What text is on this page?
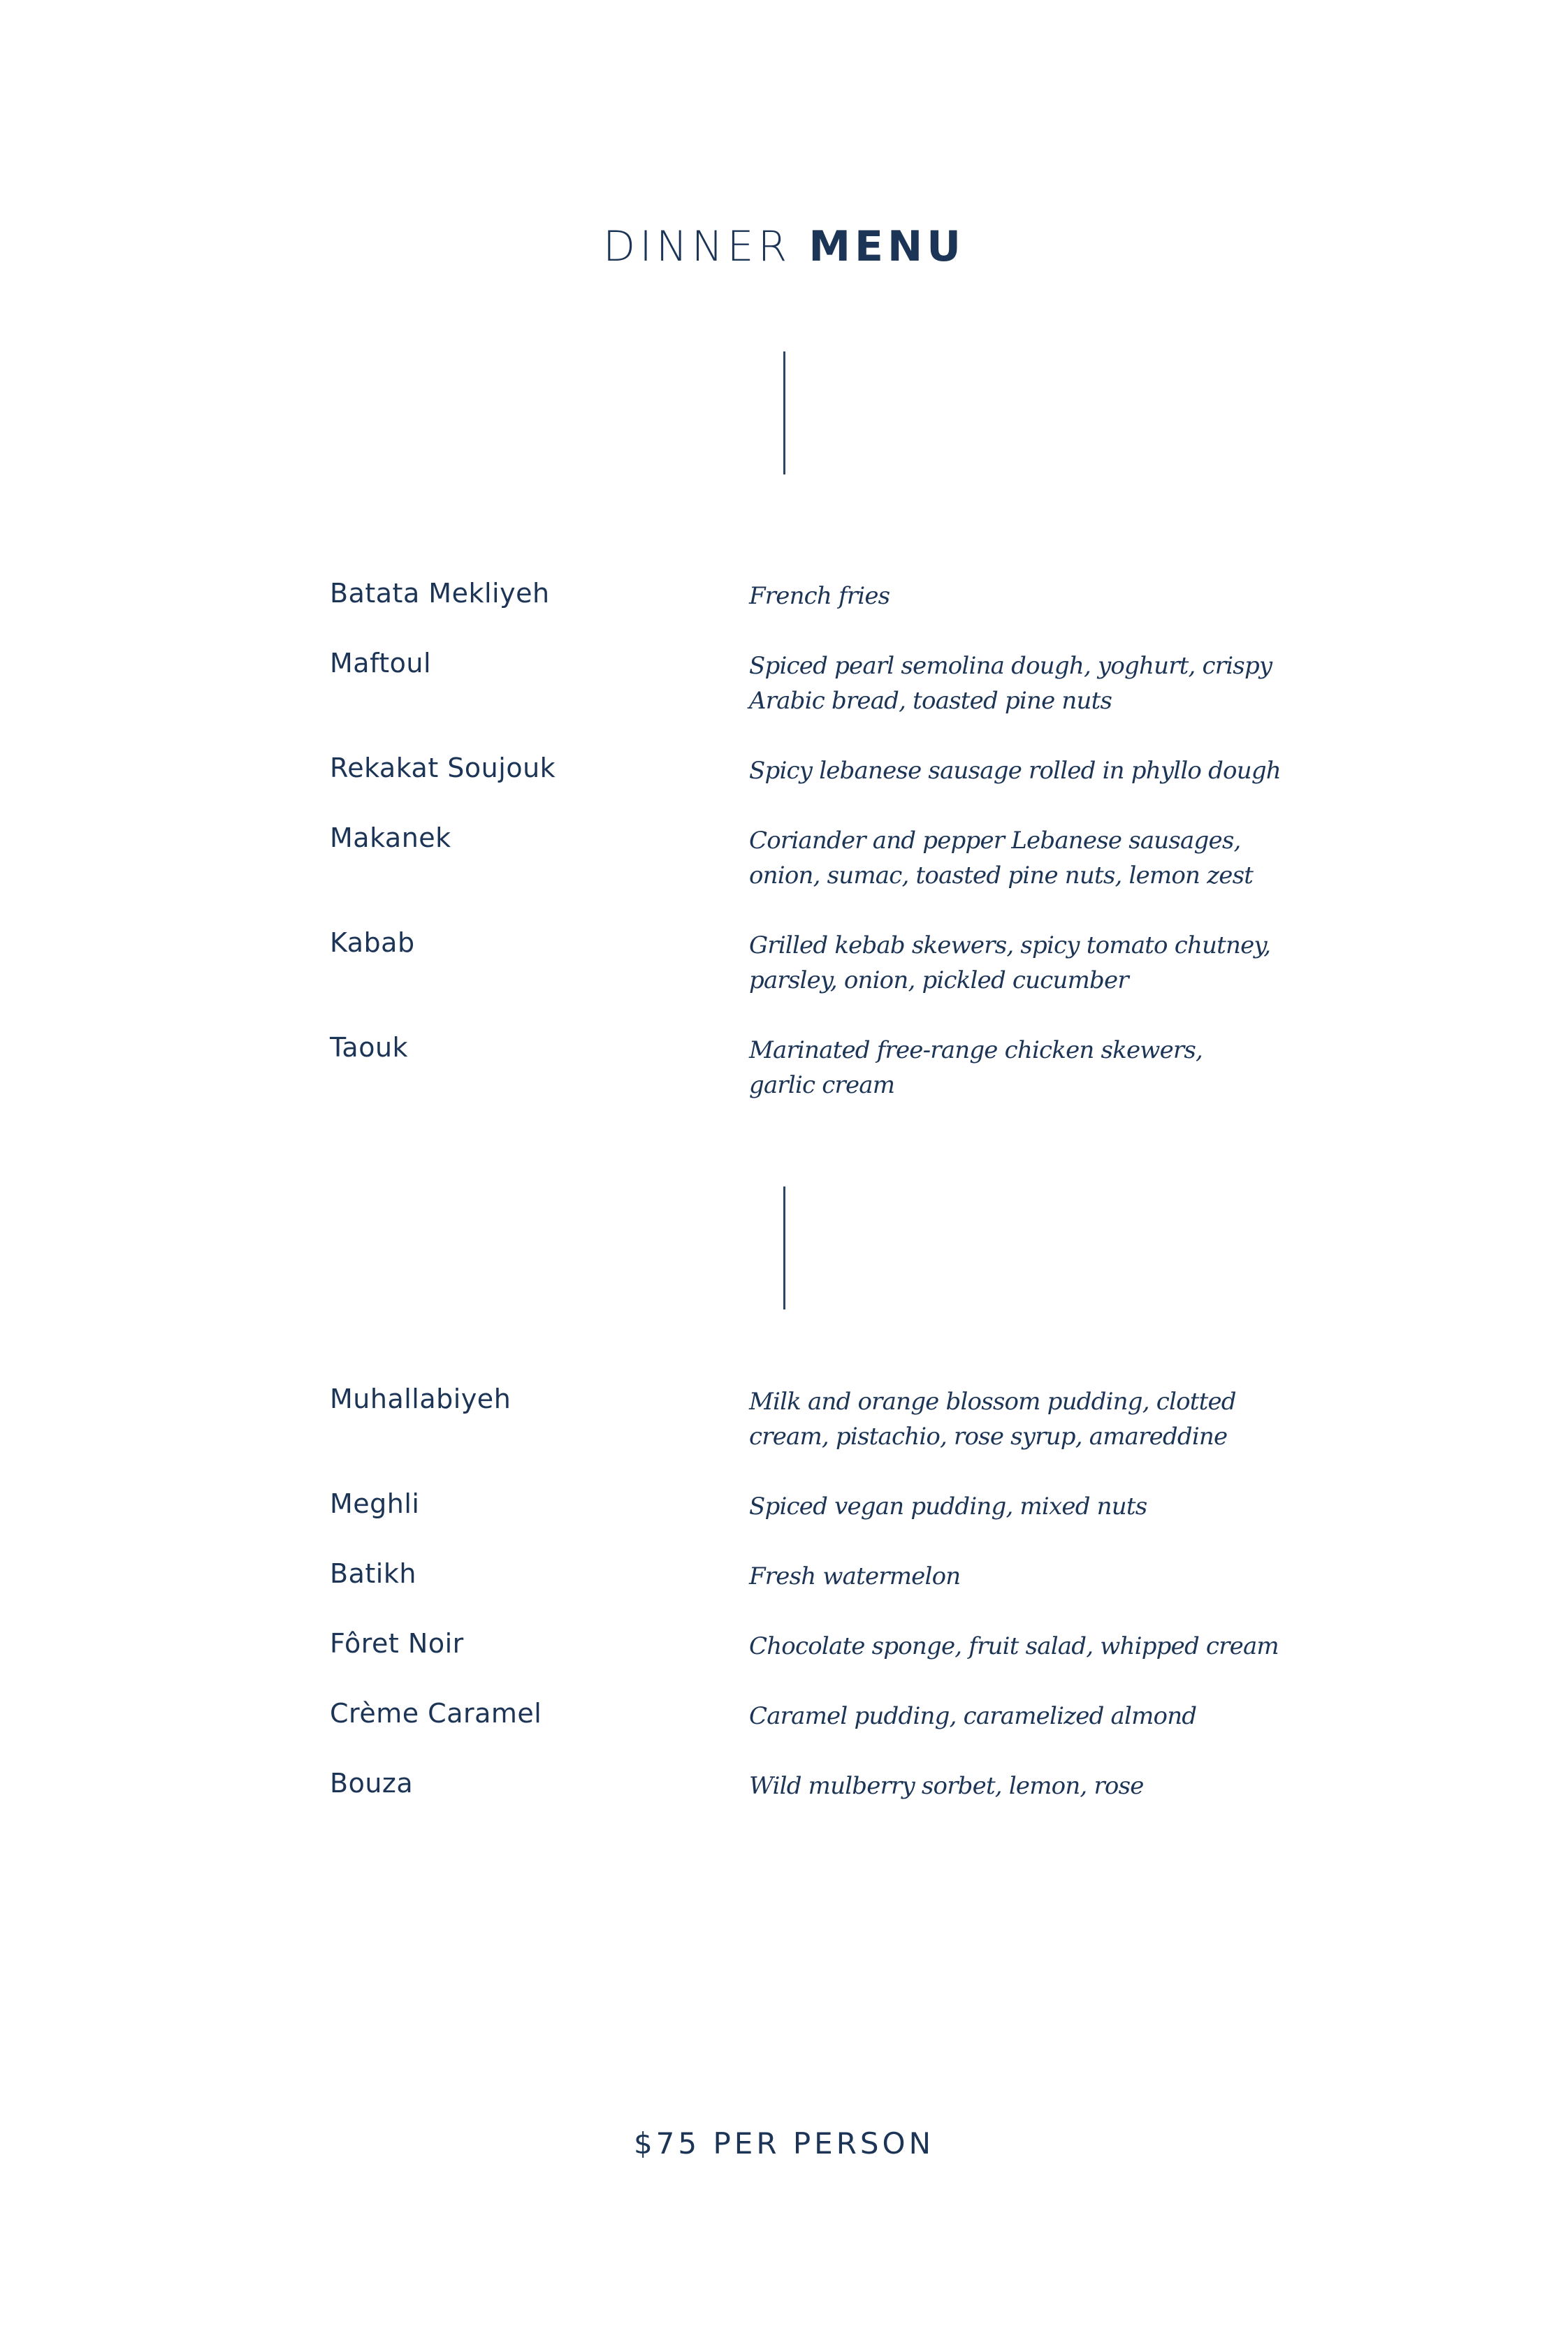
DINNER MENU
Batata Mekliyeh	French fries
Maftoul	Spiced pearl semolina dough, yoghurt, crispy
Arabic bread, toasted pine nuts
Rekakat Soujouk	Spicy lebanese sausage rolled in phyllo dough
Makanek	Coriander and pepper Lebanese sausages,
onion, sumac, toasted pine nuts, lemon zest
Kabab	Grilled kebab skewers, spicy tomato chutney,
parsley, onion, pickled cucumber
Taouk	Marinated free-range chicken skewers,
garlic cream
Muhallabiyeh	Milk and orange blossom pudding, clotted
cream, pistachio, rose syrup, amareddine
Meghli	Spiced vegan pudding, mixed nuts
Batikh	Fresh watermelon
Fôret Noir	Chocolate sponge, fruit salad, whipped cream
Crème Caramel	Caramel pudding, caramelized almond
Bouza	Wild mulberry sorbet, lemon, rose
$75 PER PERSON
